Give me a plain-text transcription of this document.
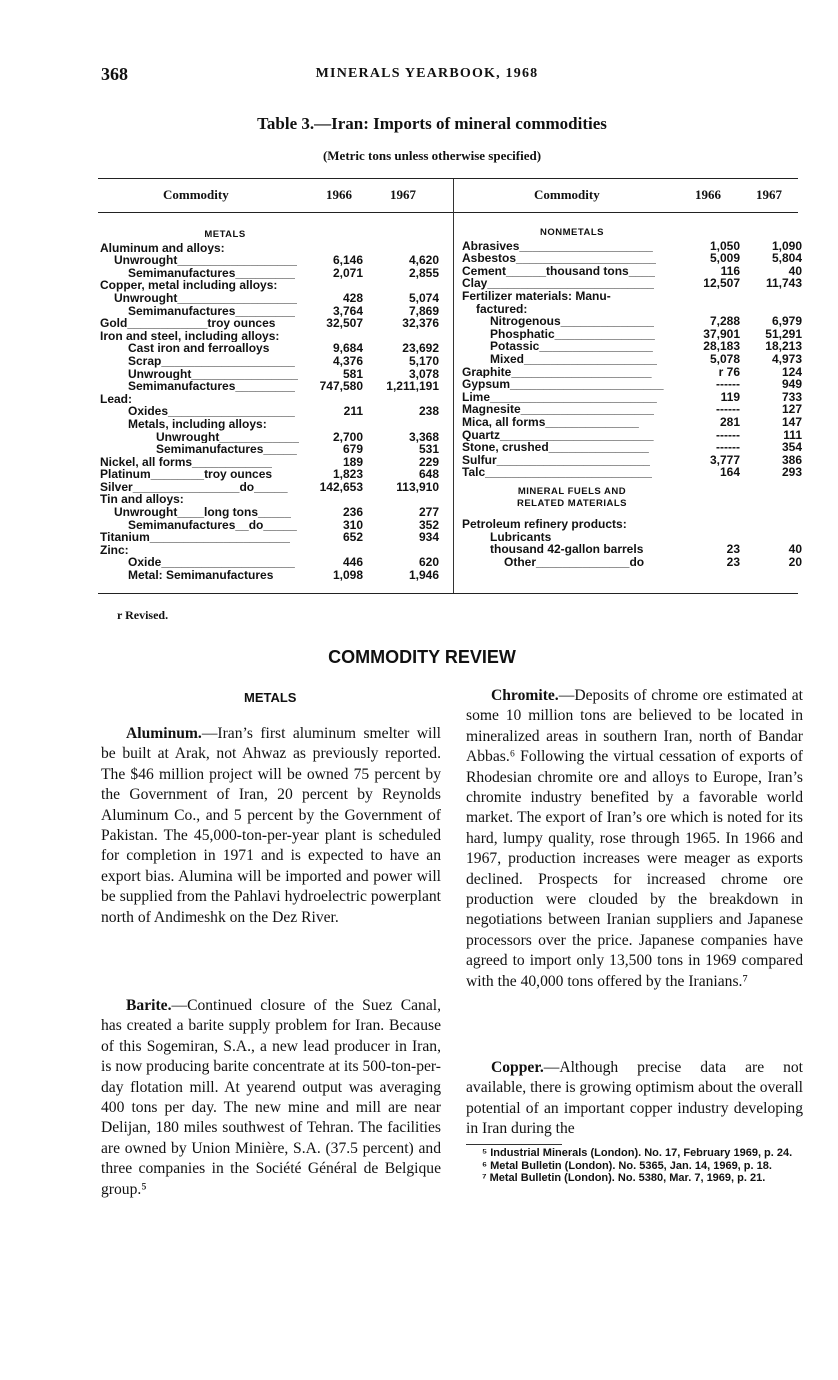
368	MINERALS YEARBOOK, 1968
Table 3.—Iran: Imports of mineral commodities
(Metric tons unless otherwise specified)
Commodity	1966	1967	Commodity	1966	1967
METALS
Aluminum and alloys:
Unwrought__________________	6,146	4,620
Semimanufactures_________	2,071	2,855
Copper, metal including alloys:
Unwrought__________________	428	5,074
Semimanufactures_________	3,764	7,869
Gold____________troy ounces	32,507	32,376
Iron and steel, including alloys:
Cast iron and ferroalloys	9,684	23,692
Scrap____________________	4,376	5,170
Unwrought________________	581	3,078
Semimanufactures_________ 747,580 1,211,191
Lead:
Oxides___________________	211	238
Metals, including alloys:
Unwrought____________	2,700	3,368
Semimanufactures_____	679	531
Nickel, all forms____________	189	229
Platinum________troy ounces	1,823	648
Silver________________do_____	142,653	113,910
Tin and alloys:
Unwrought____long tons_____	236	277
Semimanufactures__do_____	310	352
Titanium_____________________	652	934
Zinc:
Oxide____________________	446	620
Metal: Semimanufactures	1,098	1,946
NONMETALS
Abrasives____________________	1,050	1,090
Asbestos_____________________	5,009	5,804
Cement______thousand tons____	116	40
Clay_________________________	12,507 11,743
Fertilizer materials: Manu-
factured:
Nitrogenous______________	7,288	6,979
Phosphatic_______________	37,901 51,291
Potassic_________________	28,183 18,213
Mixed____________________	5,078	4,973
Graphite_____________________	r 76	124
Gypsum_______________________	------	949
Lime_________________________	119	733
Magnesite____________________	------	127
Mica, all forms______________	281	147
Quartz_______________________	------	111
Stone, crushed_______________	------	354
Sulfur_______________________	3,777	386
Talc_________________________	164	293
MINERAL FUELS AND
RELATED MATERIALS
Petroleum refinery products:
Lubricants
thousand 42-gallon barrels	23	40
Other______________do	23	20
r Revised.
COMMODITY REVIEW
METALS
Aluminum.—Iran’s first aluminum smelter will be built at Arak, not Ahwaz as previously reported. The $46 million project will be owned 75 percent by the Government of Iran, 20 percent by Reynolds Aluminum Co., and 5 percent by the Government of Pakistan. The 45,000-ton-per-year plant is scheduled for completion in 1971 and is expected to have an export bias. Alumina will be imported and power will be supplied from the Pahlavi hydroelectric powerplant north of Andimeshk on the Dez River.
Barite.—Continued closure of the Suez Canal, has created a barite supply problem for Iran. Because of this Sogemiran, S.A., a new lead producer in Iran, is now producing barite concentrate at its 500-ton-per-day flotation mill. At yearend output was averaging 400 tons per day. The new mine and mill are near Delijan, 180 miles southwest of Tehran. The facilities are owned by Union Minière, S.A. (37.5 percent) and three companies in the Société Général de Belgique group.⁵
Chromite.—Deposits of chrome ore estimated at some 10 million tons are believed to be located in mineralized areas in southern Iran, north of Bandar Abbas.⁶ Following the virtual cessation of exports of Rhodesian chromite ore and alloys to Europe, Iran’s chromite industry benefited by a favorable world market. The export of Iran’s ore which is noted for its hard, lumpy quality, rose through 1965. In 1966 and 1967, production increases were meager as exports declined. Prospects for increased chrome ore production were clouded by the breakdown in negotiations between Iranian suppliers and Japanese processors over the price. Japanese companies have agreed to import only 13,500 tons in 1969 compared with the 40,000 tons offered by the Iranians.⁷
Copper.—Although precise data are not available, there is growing optimism about the overall potential of an important copper industry developing in Iran during the

⁵ Industrial Minerals (London). No. 17, February 1969, p. 24.

⁶ Metal Bulletin (London). No. 5365, Jan. 14, 1969, p. 18.

⁷ Metal Bulletin (London). No. 5380, Mar. 7, 1969, p. 21.
